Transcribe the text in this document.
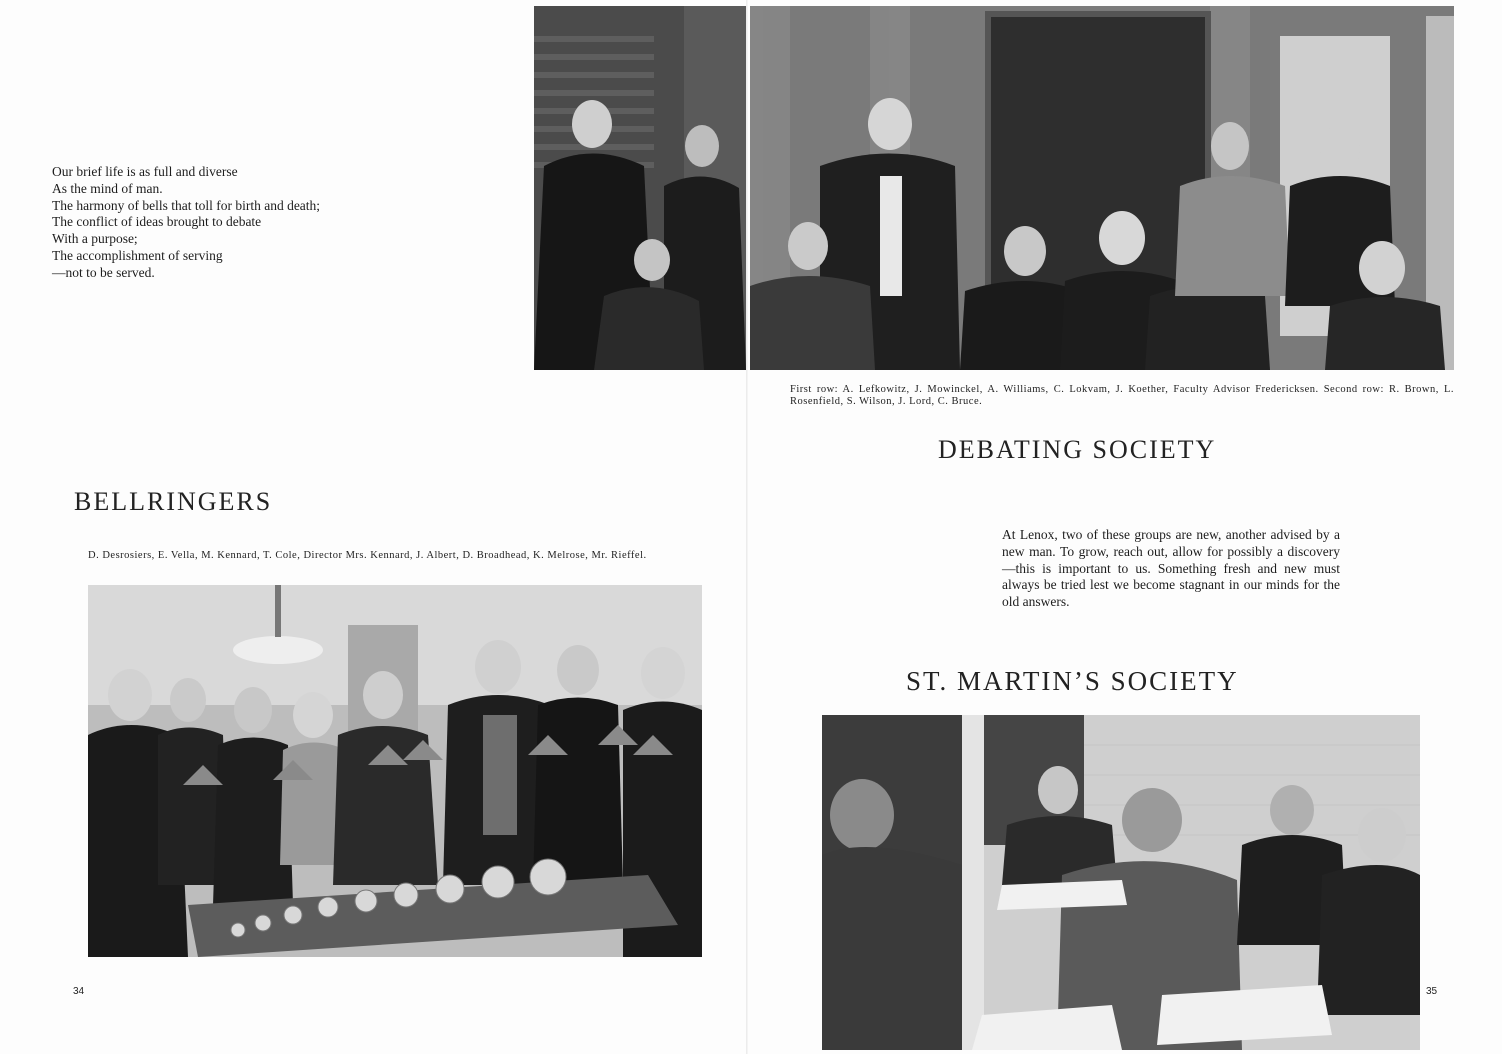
Our brief life is as full and diverse
As the mind of man.
The harmony of bells that toll for birth and death;
The conflict of ideas brought to debate
With a purpose;
The accomplishment of serving
—not to be served.
BELLRINGERS
D. Desrosiers, E. Vella, M. Kennard, T. Cole, Director Mrs. Kennard, J. Albert, D. Broadhead, K. Melrose, Mr. Rieffel.
34
First row: A. Lefkowitz, J. Mowinckel, A. Williams, C. Lokvam, J. Koether, Faculty Advisor Fredericksen. Second row: R. Brown, L. Rosenfield, S. Wilson, J. Lord, C. Bruce.
DEBATING SOCIETY
At Lenox, two of these groups are new, another advised by a new man. To grow, reach out, allow for possibly a discovery—this is important to us. Something fresh and new must always be tried lest we become stagnant in our minds for the old answers.
ST. MARTIN’S SOCIETY
35
